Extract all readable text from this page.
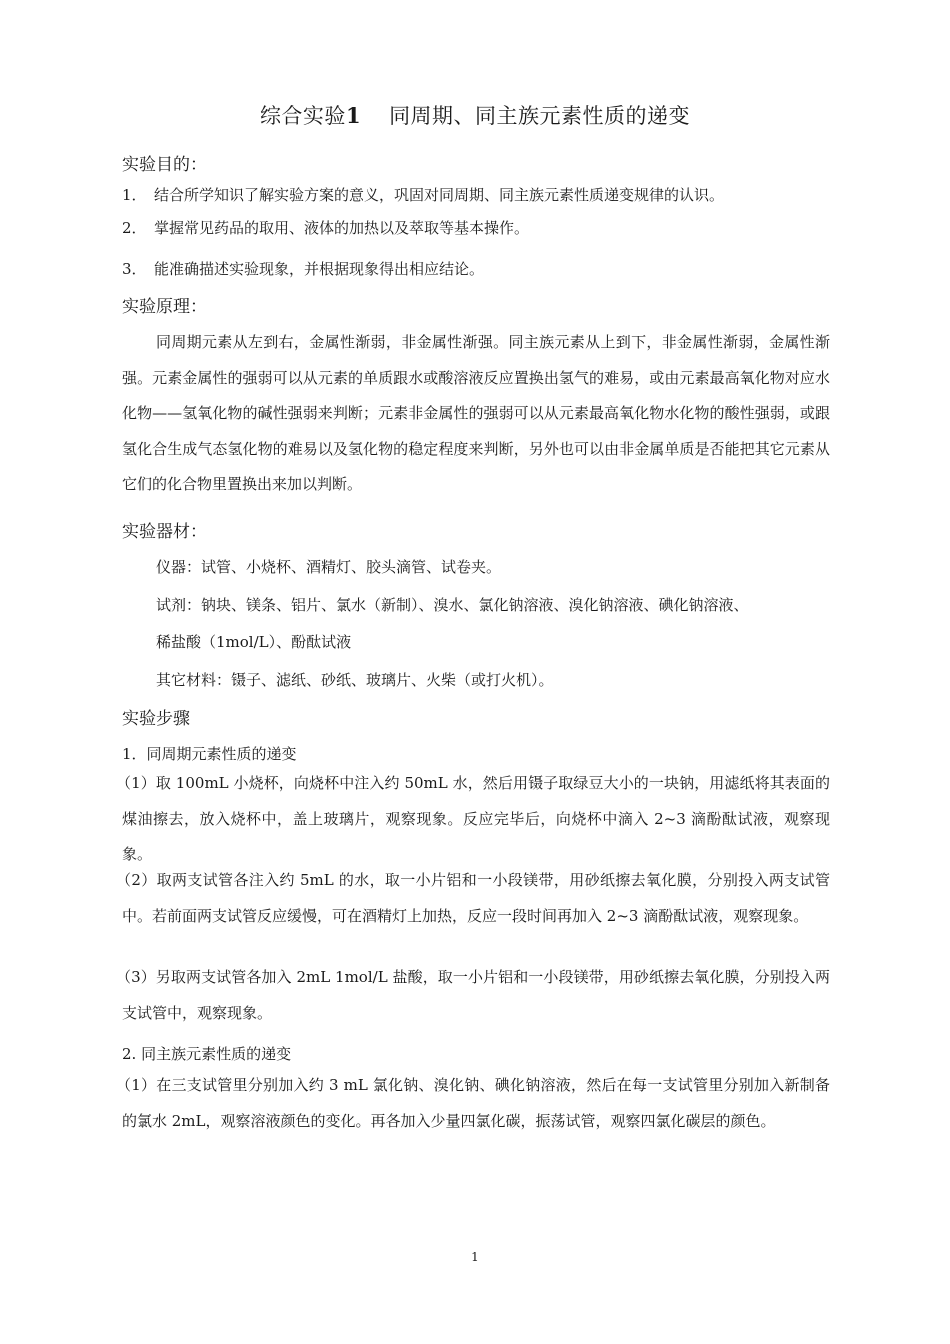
综合实验1 同周期、同主族元素性质的递变
实验目的：
1．　结合所学知识了解实验方案的意义，巩固对同周期、同主族元素性质递变规律的认识。
2．　掌握常见药品的取用、液体的加热以及萃取等基本操作。
3．　能准确描述实验现象，并根据现象得出相应结论。
实验原理：
同周期元素从左到右，金属性渐弱，非金属性渐强。同主族元素从上到下，非金属性渐弱，金属性渐强。元素金属性的强弱可以从元素的单质跟水或酸溶液反应置换出氢气的难易，或由元素最高氧化物对应水化物——氢氧化物的碱性强弱来判断；元素非金属性的强弱可以从元素最高氧化物水化物的酸性强弱，或跟氢化合生成气态氢化物的难易以及氢化物的稳定程度来判断，另外也可以由非金属单质是否能把其它元素从它们的化合物里置换出来加以判断。
实验器材：
仪器：试管、小烧杯、酒精灯、胶头滴管、试卷夹。
试剂：钠块、镁条、铝片、氯水（新制）、溴水、氯化钠溶液、溴化钠溶液、碘化钠溶液、
稀盐酸（1mol/L）、酚酞试液
其它材料：镊子、滤纸、砂纸、玻璃片、火柴（或打火机）。
实验步骤
1．同周期元素性质的递变
（1）取 100mL 小烧杯，向烧杯中注入约 50mL 水，然后用镊子取绿豆大小的一块钠，用滤纸将其表面的煤油擦去，放入烧杯中，盖上玻璃片，观察现象。反应完毕后，向烧杯中滴入 2~3 滴酚酞试液，观察现象。
（2）取两支试管各注入约 5mL 的水，取一小片铝和一小段镁带，用砂纸擦去氧化膜，分别投入两支试管中。若前面两支试管反应缓慢，可在酒精灯上加热，反应一段时间再加入 2~3 滴酚酞试液，观察现象。
（3）另取两支试管各加入 2mL 1mol/L 盐酸，取一小片铝和一小段镁带，用砂纸擦去氧化膜，分别投入两支试管中，观察现象。
2. 同主族元素性质的递变
（1）在三支试管里分别加入约 3 mL 氯化钠、溴化钠、碘化钠溶液，然后在每一支试管里分别加入新制备的氯水 2mL，观察溶液颜色的变化。再各加入少量四氯化碳，振荡试管，观察四氯化碳层的颜色。
1
